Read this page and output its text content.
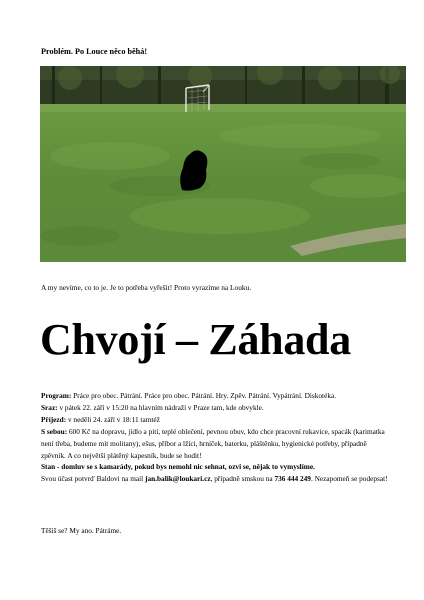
Problém. Po Louce něco běhá!

A my nevíme, co to je. Je to potřeba vyřešit! Proto vyrazíme na Louku.

Chvojí – Záhada

Program: Práce pro obec. Pátrání. Práce pro obec. Pátrání. Hry. Zpěv. Pátrání. Vypátrání. Diskotéka.

Sraz: v pátek 22. září v 15:20 na hlavním nádraží v Praze tam, kde obvykle.

Příjezd: v neděli 24. září v 18:11 tamtéž

S sebou: 600 Kč na dopravu, jídlo a pití, teplé oblečení, pevnou obuv, kdo chce pracovní rukavice, spacák (karimatka není třeba, budeme mít molitany), ešus, příbor a lžíci, hrníček, baterku, pláštěnku, hygienické potřeby, případně zpěvník. A co největší plátěný kapesník, bude se hodit!

Stan - domluv se s kamarády, pokud bys nemohl nic sehnat, ozvi se, nějak to vymyslíme.

Svou účast potvrď Baldovi na mail jan.balik@loukari.cz, případně smskou na 736 444 249. Nezapomeň se podepsat!

Těšíš se? My ano. Pátráme.
